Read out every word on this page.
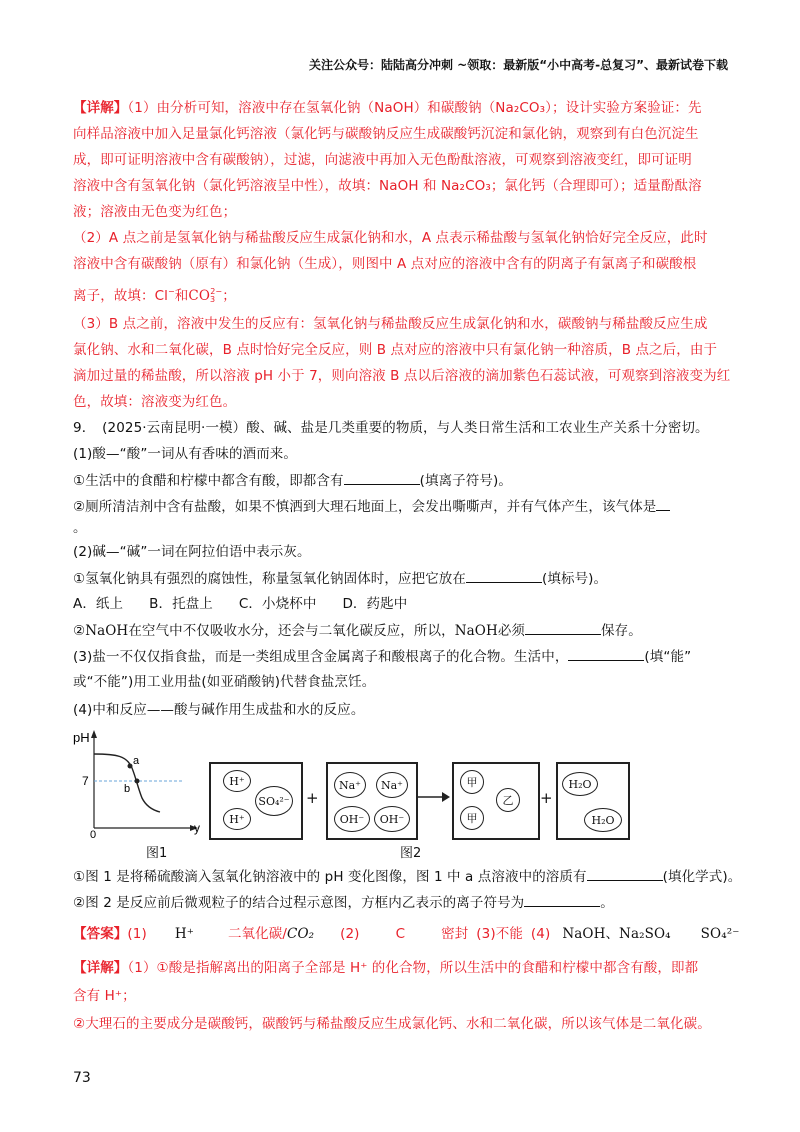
关注公众号：陆陆高分冲刺 ~领取：最新版“小中高考-总复习”、最新试卷下载
【详解】（1）由分析可知，溶液中存在氢氧化钠（NaOH）和碳酸钠（Na₂CO₃）；设计实验方案验证：先
向样品溶液中加入足量氯化钙溶液（氯化钙与碳酸钠反应生成碳酸钙沉淀和氯化钠，观察到有白色沉淀生
成，即可证明溶液中含有碳酸钠），过滤，向滤液中再加入无色酚酞溶液，可观察到溶液变红，即可证明
溶液中含有氢氧化钠（氯化钙溶液呈中性），故填：NaOH 和 Na₂CO₃；氯化钙（合理即可）；适量酚酞溶
液；溶液由无色变为红色；
（2）A 点之前是氢氧化钠与稀盐酸反应生成氯化钠和水，A 点表示稀盐酸与氢氧化钠恰好完全反应，此时
溶液中含有碳酸钠（原有）和氯化钠（生成），则图中 A 点对应的溶液中含有的阴离子有氯离子和碳酸根
离子，故填：Cl−和$CO_3^{2-}$；
（3）B 点之前，溶液中发生的反应有：氢氧化钠与稀盐酸反应生成氯化钠和水，碳酸钠与稀盐酸反应生成
氯化钠、水和二氧化碳，B 点时恰好完全反应，则 B 点对应的溶液中只有氯化钠一种溶质，B 点之后，由于
滴加过量的稀盐酸，所以溶液 pH 小于 7，则向溶液 B 点以后溶液的滴加紫色石蕊试液，可观察到溶液变为红
色，故填：溶液变为红色。
9．　(2025·云南昆明·一模）酸、碱、盐是几类重要的物质，与人类日常生活和工农业生产关系十分密切。
(1)酸—“酸”一词从有香味的酒而来。
①生活中的食醋和柠檬中都含有酸，即都含有	(填离子符号)。
②厕所清洁剂中含有盐酸，如果不慎洒到大理石地面上，会发出嘶嘶声，并有气体产生，该气体是
。
(2)碱—“碱”一词在阿拉伯语中表示灰。
①氢氧化钠具有强烈的腐蚀性，称量氢氧化钠固体时，应把它放在	(填标号)。
A．纸上 B．托盘上 C．小烧杯中 D．药匙中
②NaOH在空气中不仅吸收水分，还会与二氧化碳反应，所以，NaOH必须	保存。
(3)盐一不仅仅指食盐，而是一类组成里含金属离子和酸根离子的化合物。生活中，	(填“能”
或“不能”)用工业用盐(如亚硝酸钠)代替食盐烹饪。
(4)中和反应——酸与碱作用生成盐和水的反应。
pH
7
0	y
a
b
H⁺
SO₄²⁻
H⁺
+
Na⁺	Na⁺
OH⁻	OH⁻
甲
乙
甲
+
H₂O
H₂O
图1	图2
①图 1 是将稀硫酸滴入氢氧化钠溶液中的 pH 变化图像，图 1 中 a 点溶液中的溶质有	(填化学式)。
②图 2 是反应前后微观粒子的结合过程示意图，方框内乙表示的离子符号为	。
【答案】(1) H⁺	二氧化碳/CO₂ (2)	C	密封 (3)不能 (4) NaOH、Na₂SO₄ SO₄²⁻
【详解】（1）①酸是指解离出的阳离子全部是 H⁺ 的化合物，所以生活中的食醋和柠檬中都含有酸，即都
含有 H⁺；
②大理石的主要成分是碳酸钙，碳酸钙与稀盐酸反应生成氯化钙、水和二氧化碳，所以该气体是二氧化碳。
73
